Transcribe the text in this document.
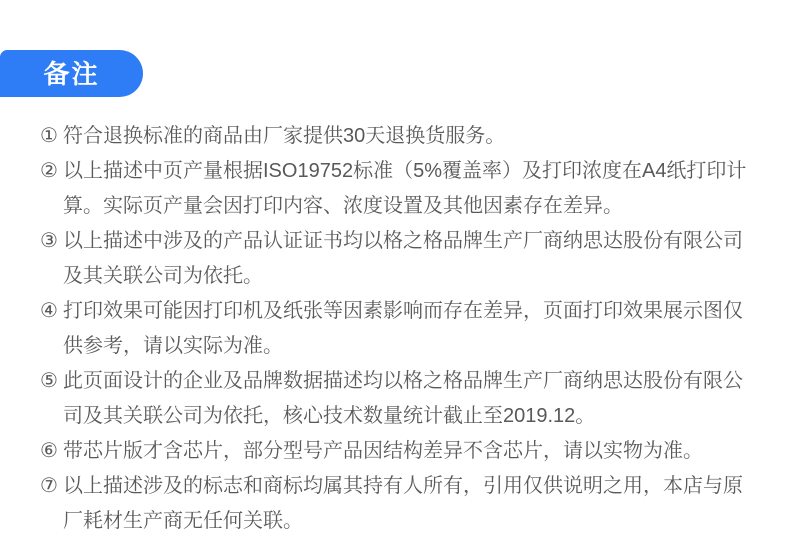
备注
① 符合退换标准的商品由厂家提供30天退换货服务。
② 以上描述中页产量根据ISO19752标准（5%覆盖率）及打印浓度在A4纸打印计算。实际页产量会因打印内容、浓度设置及其他因素存在差异。
③ 以上描述中涉及的产品认证证书均以格之格品牌生产厂商纳思达股份有限公司及其关联公司为依托。
④ 打印效果可能因打印机及纸张等因素影响而存在差异，页面打印效果展示图仅供参考，请以实际为准。
⑤ 此页面设计的企业及品牌数据描述均以格之格品牌生产厂商纳思达股份有限公司及其关联公司为依托，核心技术数量统计截止至2019.12。
⑥ 带芯片版才含芯片，部分型号产品因结构差异不含芯片，请以实物为准。
⑦ 以上描述涉及的标志和商标均属其持有人所有，引用仅供说明之用，本店与原厂耗材生产商无任何关联。
